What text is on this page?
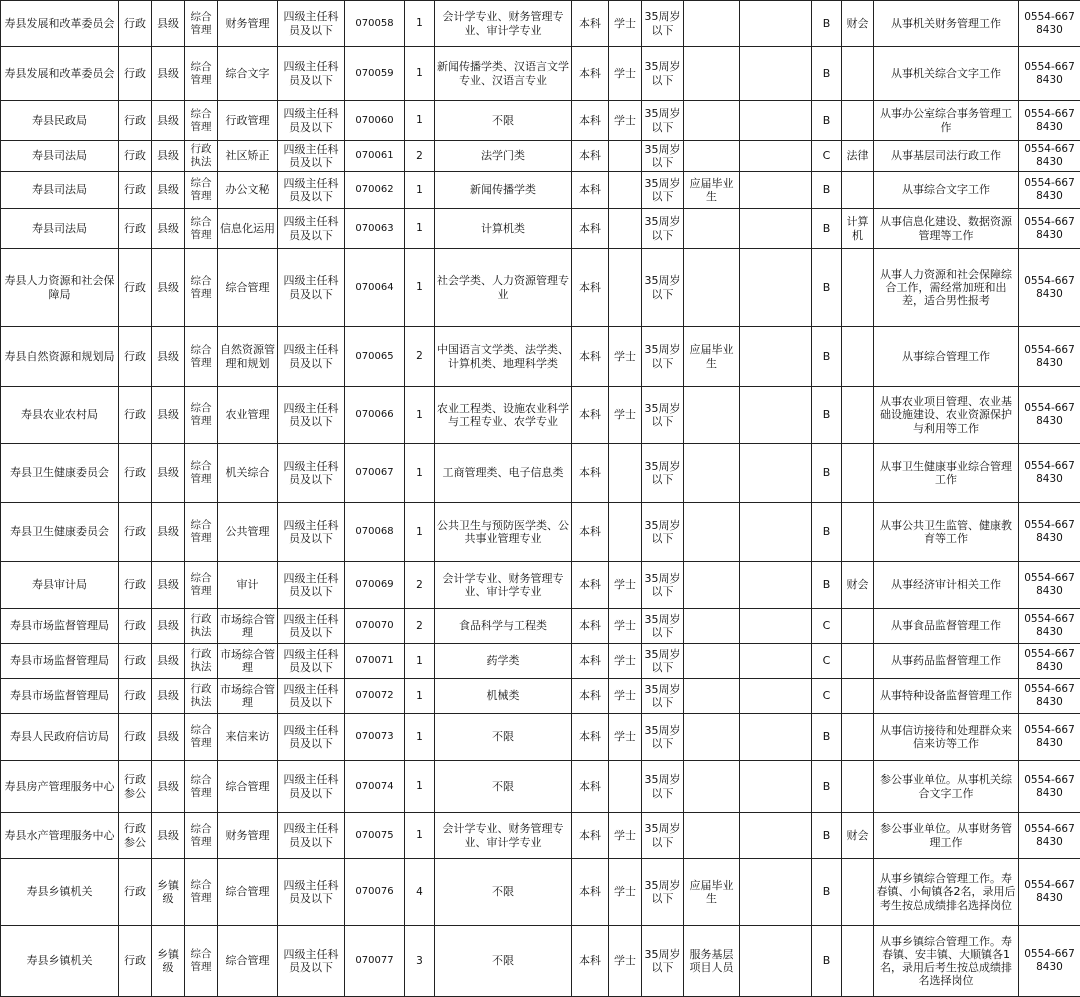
寿县发展和改革委员会	行政	县级	综合管理	财务管理	四级主任科员及以下	070058	1	会计学专业、财务管理专业、审计学专业	本科	学士	35周岁以下			B	财会	从事机关财务管理工作	0554-6678430
寿县发展和改革委员会	行政	县级	综合管理	综合文字	四级主任科员及以下	070059	1	新闻传播学类、汉语言文学专业、汉语言专业	本科	学士	35周岁以下			B		从事机关综合文字工作	0554-6678430
寿县民政局	行政	县级	综合管理	行政管理	四级主任科员及以下	070060	1	不限	本科	学士	35周岁以下			B		从事办公室综合事务管理工作	0554-6678430
寿县司法局	行政	县级	行政执法	社区矫正	四级主任科员及以下	070061	2	法学门类	本科		35周岁以下			C	法律	从事基层司法行政工作	0554-6678430
寿县司法局	行政	县级	综合管理	办公文秘	四级主任科员及以下	070062	1	新闻传播学类	本科		35周岁以下	应届毕业生		B		从事综合文字工作	0554-6678430
寿县司法局	行政	县级	综合管理	信息化运用	四级主任科员及以下	070063	1	计算机类	本科		35周岁以下			B	计算机	从事信息化建设、数据资源管理等工作	0554-6678430
寿县人力资源和社会保障局	行政	县级	综合管理	综合管理	四级主任科员及以下	070064	1	社会学类、人力资源管理专业	本科		35周岁以下			B		从事人力资源和社会保障综合工作，需经常加班和出差，适合男性报考	0554-6678430
寿县自然资源和规划局	行政	县级	综合管理	自然资源管理和规划	四级主任科员及以下	070065	2	中国语言文学类、法学类、计算机类、地理科学类	本科	学士	35周岁以下	应届毕业生		B		从事综合管理工作	0554-6678430
寿县农业农村局	行政	县级	综合管理	农业管理	四级主任科员及以下	070066	1	农业工程类、设施农业科学与工程专业、农学专业	本科	学士	35周岁以下			B		从事农业项目管理、农业基础设施建设、农业资源保护与利用等工作	0554-6678430
寿县卫生健康委员会	行政	县级	综合管理	机关综合	四级主任科员及以下	070067	1	工商管理类、电子信息类	本科		35周岁以下			B		从事卫生健康事业综合管理工作	0554-6678430
寿县卫生健康委员会	行政	县级	综合管理	公共管理	四级主任科员及以下	070068	1	公共卫生与预防医学类、公共事业管理专业	本科		35周岁以下			B		从事公共卫生监管、健康教育等工作	0554-6678430
寿县审计局	行政	县级	综合管理	审计	四级主任科员及以下	070069	2	会计学专业、财务管理专业、审计学专业	本科	学士	35周岁以下			B	财会	从事经济审计相关工作	0554-6678430
寿县市场监督管理局	行政	县级	行政执法	市场综合管理	四级主任科员及以下	070070	2	食品科学与工程类	本科	学士	35周岁以下			C		从事食品监督管理工作	0554-6678430
寿县市场监督管理局	行政	县级	行政执法	市场综合管理	四级主任科员及以下	070071	1	药学类	本科	学士	35周岁以下			C		从事药品监督管理工作	0554-6678430
寿县市场监督管理局	行政	县级	行政执法	市场综合管理	四级主任科员及以下	070072	1	机械类	本科	学士	35周岁以下			C		从事特种设备监督管理工作	0554-6678430
寿县人民政府信访局	行政	县级	综合管理	来信来访	四级主任科员及以下	070073	1	不限	本科	学士	35周岁以下			B		从事信访接待和处理群众来信来访等工作	0554-6678430
寿县房产管理服务中心	行政参公	县级	综合管理	综合管理	四级主任科员及以下	070074	1	不限	本科		35周岁以下			B		参公事业单位。从事机关综合文字工作	0554-6678430
寿县水产管理服务中心	行政参公	县级	综合管理	财务管理	四级主任科员及以下	070075	1	会计学专业、财务管理专业、审计学专业	本科	学士	35周岁以下			B	财会	参公事业单位。从事财务管理工作	0554-6678430
寿县乡镇机关	行政	乡镇级	综合管理	综合管理	四级主任科员及以下	070076	4	不限	本科	学士	35周岁以下	应届毕业生		B		从事乡镇综合管理工作。寿春镇、小甸镇各2名，录用后考生按总成绩排名选择岗位	0554-6678430
寿县乡镇机关	行政	乡镇级	综合管理	综合管理	四级主任科员及以下	070077	3	不限	本科	学士	35周岁以下	服务基层项目人员		B		从事乡镇综合管理工作。寿春镇、安丰镇、大顺镇各1名，录用后考生按总成绩排名选择岗位	0554-6678430
